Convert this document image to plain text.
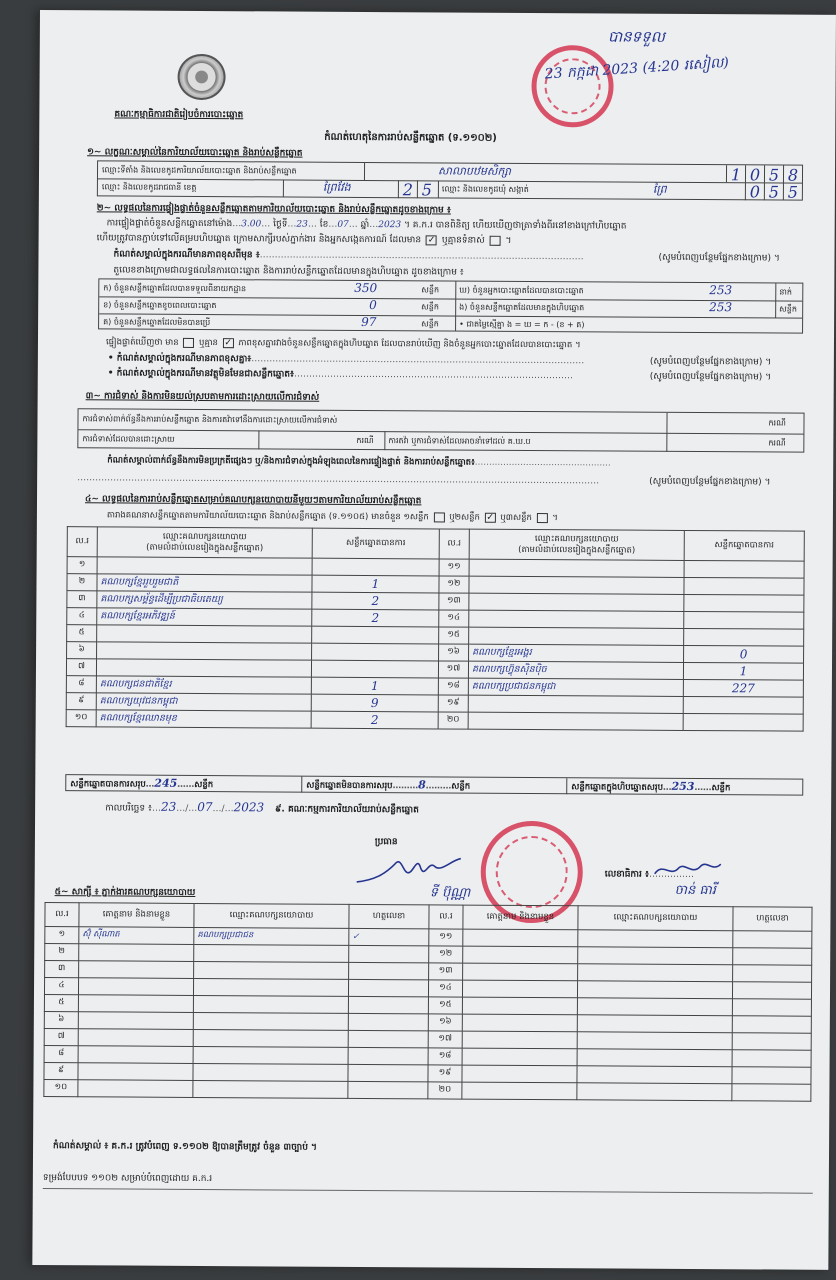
គណៈកម្មាធិការជាតិរៀបចំការបោះឆ្នោត
កំណត់ហេតុនៃការរាប់សន្លឹកឆ្នោត (ទ.១១០២)
បានទទួល
23 កក្កដា 2023 (4:20 រសៀល)
១~ លក្ខណៈសម្គាល់នៃការិយាល័យបោះឆ្នោត និងរាប់សន្លឹកឆ្នោត
ឈ្មោះទីតាំង និងលេខកូដការិយាល័យបោះឆ្នោត និងរាប់សន្លឹកឆ្នោត	សាលាបឋមសិក្សា	1 0 5 8
ឈ្មោះ និងលេខកូដរាជធានី ខេត្ត	ព្រៃវែង	2 5	ឈ្មោះ និងលេខកូដឃុំ សង្កាត់	ព្រៃ	0 5 5
២~ លទ្ធផលនៃការផ្ទៀងផ្ទាត់ចំនួនសន្លឹកឆ្នោតតាមការិយាល័យបោះឆ្នោត និងរាប់សន្លឹកឆ្នោតដូចខាងក្រោម ៖
ការផ្ទៀងផ្ទាត់ចំនួនសន្លឹកឆ្នោតនៅម៉ោង…3.00… ថ្ងៃទី…23… ខែ…07… ឆ្នាំ…2023 ។ គ.ក.រ បានពិនិត្យ ហើយឃើញថាត្រាទាំងពីរនៅខាងក្រៅហិបឆ្នោត
ហើយត្រូវបានភ្ជាប់ទៅលើគម្របហិបឆ្នោត ក្រោមសាក្សីរបស់ភ្នាក់ងារ និងអ្នកសង្កេតការណ៍ ដែលមាន ✓ ឬគ្មានទំនាស់  ។
កំណត់សម្គាល់ក្នុងករណីមានភាពខុសពីមុន ៖………………………………………………………………………………………………	(សូមបំពេញបន្ថែមផ្នែកខាងក្រោម) ។
តួលេខខាងក្រោមជាលទ្ធផលនៃការបោះឆ្នោត និងការរាប់សន្លឹកឆ្នោតដែលមានក្នុងហិបឆ្នោត ដូចខាងក្រោម ៖
ក) ចំនួនសន្លឹកឆ្នោតដែលបានទទួលពីនាយកដ្ឋាន	350	សន្លឹក	ឃ) ចំនួនអ្នកបោះឆ្នោតដែលបានបោះឆ្នោត	253	នាក់
ខ) ចំនួនសន្លឹកឆ្នោតខូចពេលបោះឆ្នោត	0	សន្លឹក	ង) ចំនួនសន្លឹកឆ្នោតដែលមានក្នុងហិបឆ្នោត	253	សន្លឹក
គ) ចំនួនសន្លឹកឆ្នោតដែលមិនបានប្រើ	97	សន្លឹក	• ជាតម្លៃស្មើគ្នា ង = ឃ = ក - (ខ + គ)
ផ្ទៀងផ្ទាត់ឃើញថា មាន ឬគ្មាន ✓ ភាពខុសគ្នារវាងចំនួនសន្លឹកឆ្នោតក្នុងហិបឆ្នោត ដែលបានរាប់ឃើញ និងចំនួនអ្នកបោះឆ្នោតដែលបានបោះឆ្នោត ។
• កំណត់សម្គាល់ក្នុងករណីមានភាពខុសគ្នា៖…………………………………………………………………………………………………	(សូមបំពេញបន្ថែមផ្នែកខាងក្រោម) ។
• កំណត់សម្គាល់ក្នុងករណីមានវត្ថុមិនមែនជាសន្លឹកឆ្នោត៖…………………………………………………………………………………	(សូមបំពេញបន្ថែមផ្នែកខាងក្រោម) ។
៣~ ការជំទាស់ និងការមិនយល់ស្របតាមការដោះស្រាយលើការជំទាស់
ការជំទាស់ពាក់ព័ន្ធនឹងការរាប់សន្លឹកឆ្នោត និងការតវ៉ាទៅនឹងការដោះស្រាយលើការជំទាស់	ករណី
ការជំទាស់ដែលបានដោះស្រាយ	ករណី ការតវ៉ា ឬការជំទាស់ដែលអាចនាំទៅដល់ គ.ឃ.ប	ករណី
កំណត់សម្គាល់ពាក់ព័ន្ធនឹងការមិនប្រក្រតីផ្សេងៗ ឬ/និងការជំទាស់ក្នុងអំឡុងពេលនៃការផ្ទៀងផ្ទាត់ និងការរាប់សន្លឹកឆ្នោត៖…………………………………………
…………………………………………………………………………………………………………………………………………………………	(សូមបំពេញបន្ថែមផ្នែកខាងក្រោម) ។
៤~ លទ្ធផលនៃការរាប់សន្លឹកឆ្នោតសម្រាប់គណបក្សនយោបាយនីមួយៗតាមការិយាល័យរាប់សន្លឹកឆ្នោត
តារាងគណនាសន្លឹកឆ្នោតតាមការិយាល័យបោះឆ្នោត និងរាប់សន្លឹកឆ្នោត (ទ.១១០៥) មានចំនួន ១សន្លឹក ឬ២សន្លឹក ✓ ឬ៣សន្លឹក  ។
ល.រ	ឈ្មោះគណបក្សនយោបាយ
(តាមលំដាប់លេខរៀងក្នុងសន្លឹកឆ្នោត)	សន្លឹកឆ្នោតបានការ	ល.រ	ឈ្មោះគណបក្សនយោបាយ
(តាមលំដាប់លេខរៀងក្នុងសន្លឹកឆ្នោត)	សន្លឹកឆ្នោតបានការ
១			១១		
២	គណបក្សខ្មែររួបរួមជាតិ	1	១២		
៣	គណបក្សសម្ព័ន្ធដើម្បីប្រជាធិបតេយ្យ	2	១៣		
៤	គណបក្សខ្មែរអភិវឌ្ឍន៍	2	១៤		
៥			១៥		
៦			១៦	គណបក្សខ្មែរអង្គរ	0
៧			១៧	គណបក្សហ៊្វុនស៊ិនប៉ិច	1
៨	គណបក្សជនជាតិខ្មែរ	1	១៨	គណបក្សប្រជាជនកម្ពុជា	227
៩	គណបក្សយុវជនកម្ពុជា	9	១៩		
១០	គណបក្សខ្មែរឈានមុខ	2	២០		
សន្លឹកឆ្នោតបានការសរុប…245……សន្លឹក	សន្លឹកឆ្នោតមិនបានការសរុប………8………សន្លឹក	សន្លឹកឆ្នោតក្នុងហិបឆ្នោតសរុប…253……សន្លឹក
កាលបរិច្ឆេទ ៖…23…/…07…/…2023 ៩. គណៈកម្មការការិយាល័យរាប់សន្លឹកឆ្នោត
ប្រធាន
លេខាធិការ ៖……………
ទី ប៊ុណ្ណា	ចាន់ ធារី
៥~ សាក្សី ៖ ភ្នាក់ងារគណបក្សនយោបាយ
ល.រ	គោត្តនាម និងនាមខ្លួន	ឈ្មោះគណបក្សនយោបាយ	ហត្ថលេខា	ល.រ	គោត្តនាម និងនាមខ្លួន	ឈ្មោះគណបក្សនយោបាយ	ហត្ថលេខា
១	ស៊ុំ ស៊ីណាត	គណបក្សប្រជាជន	✓	១១			
២				១២			
៣				១៣			
៤				១៤			
៥				១៥			
៦				១៦			
៧				១៧			
៨				១៨			
៩				១៩			
១០				២០			
កំណត់សម្គាល់ ៖ គ.ក.រ ត្រូវបំពេញ ទ.១១០២ ឱ្យបានត្រឹមត្រូវ ចំនួន ៣ច្បាប់ ។
ទម្រង់បែបបទ ១១០២ សម្រាប់បំពេញដោយ គ.ក.រ
